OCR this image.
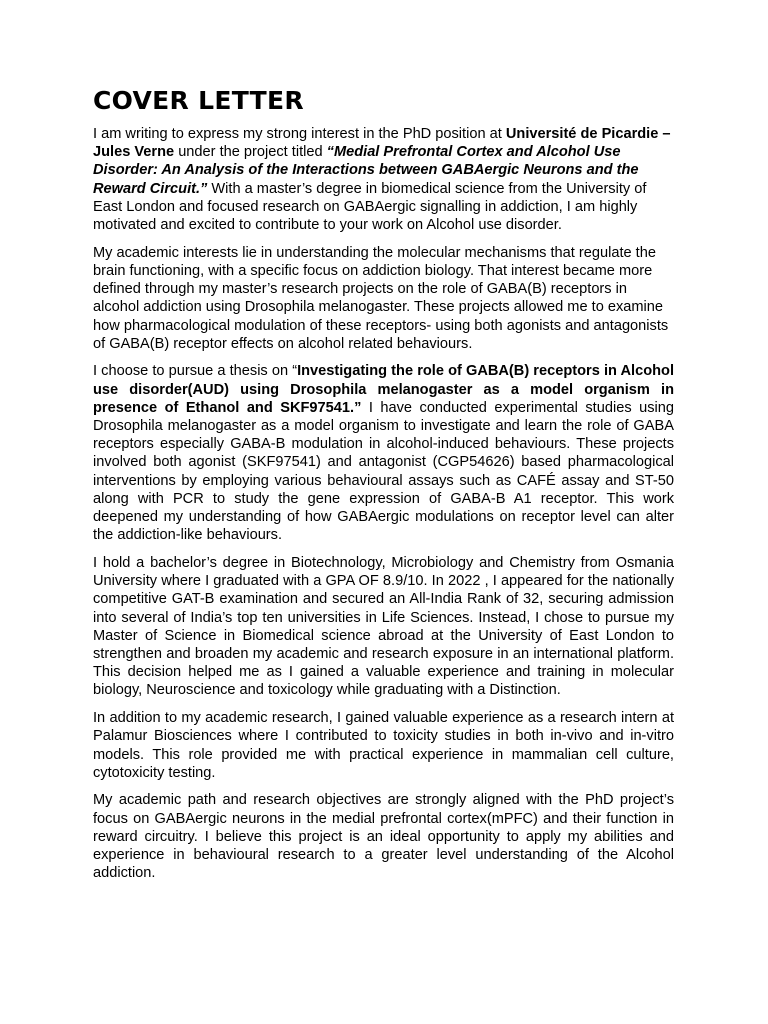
COVER LETTER

I am writing to express my strong interest in the PhD position at Université de Picardie – Jules Verne under the project titled “Medial Prefrontal Cortex and Alcohol Use Disorder: An Analysis of the Interactions between GABAergic Neurons and the Reward Circuit.” With a master’s degree in biomedical science from the University of East London and focused research on GABAergic signalling in addiction, I am highly motivated and excited to contribute to your work on Alcohol use disorder.

My academic interests lie in understanding the molecular mechanisms that regulate the brain functioning, with a specific focus on addiction biology. That interest became more defined through my master’s research projects on the role of GABA(B) receptors in alcohol addiction using Drosophila melanogaster. These projects allowed me to examine how pharmacological modulation of these receptors- using both agonists and antagonists of GABA(B) receptor effects on alcohol related behaviours.

I choose to pursue a thesis on “Investigating the role of GABA(B) receptors in Alcohol use disorder(AUD) using Drosophila melanogaster as a model organism in presence of Ethanol and SKF97541.” I have conducted experimental studies using Drosophila melanogaster as a model organism to investigate and learn the role of GABA receptors especially GABA-B modulation in alcohol-induced behaviours. These projects involved both agonist (SKF97541) and antagonist (CGP54626) based pharmacological interventions by employing various behavioural assays such as CAFÉ assay and ST-50 along with PCR to study the gene expression of GABA-B A1 receptor. This work deepened my understanding of how GABAergic modulations on receptor level can alter the addiction-like behaviours.

I hold a bachelor’s degree in Biotechnology, Microbiology and Chemistry from Osmania University where I graduated with a GPA OF 8.9/10. In 2022 , I appeared for the nationally competitive GAT-B examination and secured an All-India Rank of 32, securing admission into several of India’s top ten universities in Life Sciences. Instead, I chose to pursue my Master of Science in Biomedical science abroad at the University of East London to strengthen and broaden my academic and research exposure in an international platform. This decision helped me as I gained a valuable experience and training in molecular biology, Neuroscience and toxicology while graduating with a Distinction.

In addition to my academic research, I gained valuable experience as a research intern at Palamur Biosciences where I contributed to toxicity studies in both in-vivo and in-vitro models. This role provided me with practical experience in mammalian cell culture, cytotoxicity testing.

My academic path and research objectives are strongly aligned with the PhD project’s focus on GABAergic neurons in the medial prefrontal cortex(mPFC) and their function in reward circuitry. I believe this project is an ideal opportunity to apply my abilities and experience in behavioural research to a greater level understanding of the Alcohol addiction.
